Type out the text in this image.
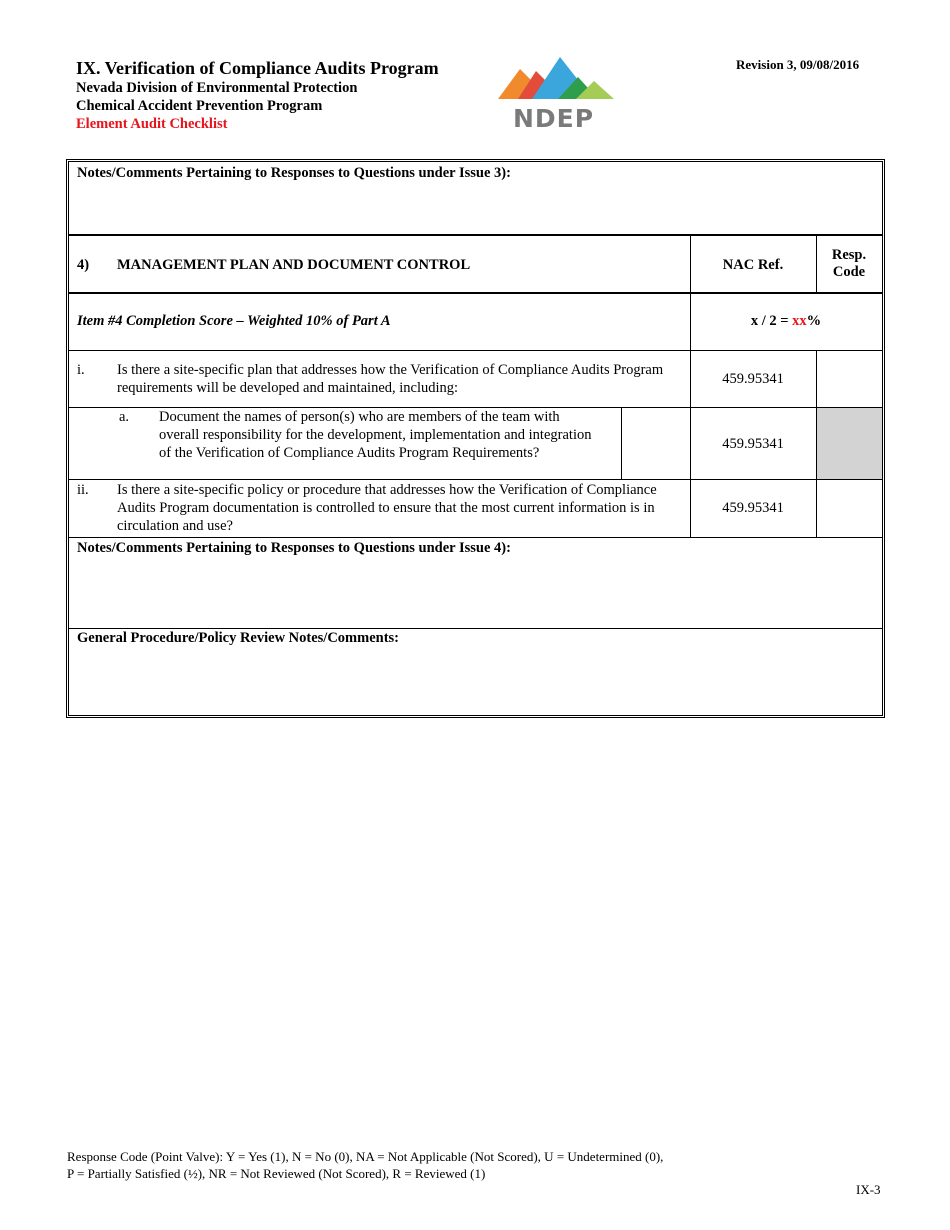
IX. Verification of Compliance Audits Program
Nevada Division of Environmental Protection
Chemical Accident Prevention Program
Element Audit Checklist	NDEP
Revision 3, 09/08/2016
Notes/Comments Pertaining to Responses to Questions under Issue 3):
4) MANAGEMENT PLAN AND DOCUMENT CONTROL	NAC Ref.
Resp.
Code
Item #4 Completion Score – Weighted 10% of Part A	x / 2 = xx%
i. Is there a site-specific plan that addresses how the Verification of Compliance Audits Program requirements will be developed and maintained, including:
459.95341
a. Document the names of person(s) who are members of the team with overall responsibility for the development, implementation and integration of the Verification of Compliance Audits Program Requirements?
459.95341
ii. Is there a site-specific policy or procedure that addresses how the Verification of Compliance Audits Program documentation is controlled to ensure that the most current information is in circulation and use?
459.95341
Notes/Comments Pertaining to Responses to Questions under Issue 4):
General Procedure/Policy Review Notes/Comments:
Response Code (Point Valve): Y = Yes (1), N = No (0), NA = Not Applicable (Not Scored), U = Undetermined (0),
P = Partially Satisfied (½), NR = Not Reviewed (Not Scored), R = Reviewed (1)
IX-3
